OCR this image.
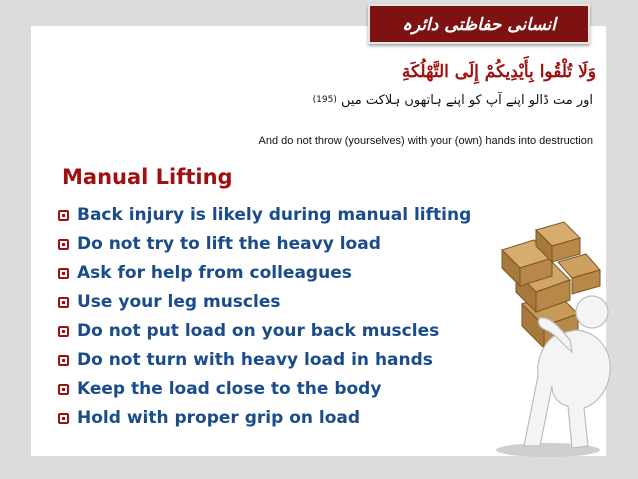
انسانی حفاظتی دائرہ
وَلَا تُلْقُوا بِأَيْدِيكُمْ إِلَى التَّهْلُكَةِ
اور مت ڈالو اپنے آپ کو اپنے ہاتھوں ہلاکت میں (195)
And do not throw (yourselves) with your (own) hands into destruction
Manual Lifting
Back injury is likely during manual lifting
Do not try to lift the heavy load
Ask for help from colleagues
Use your leg muscles
Do not put load on your back muscles
Do not turn with heavy load in hands
Keep the load close to the body
Hold with proper grip on load
